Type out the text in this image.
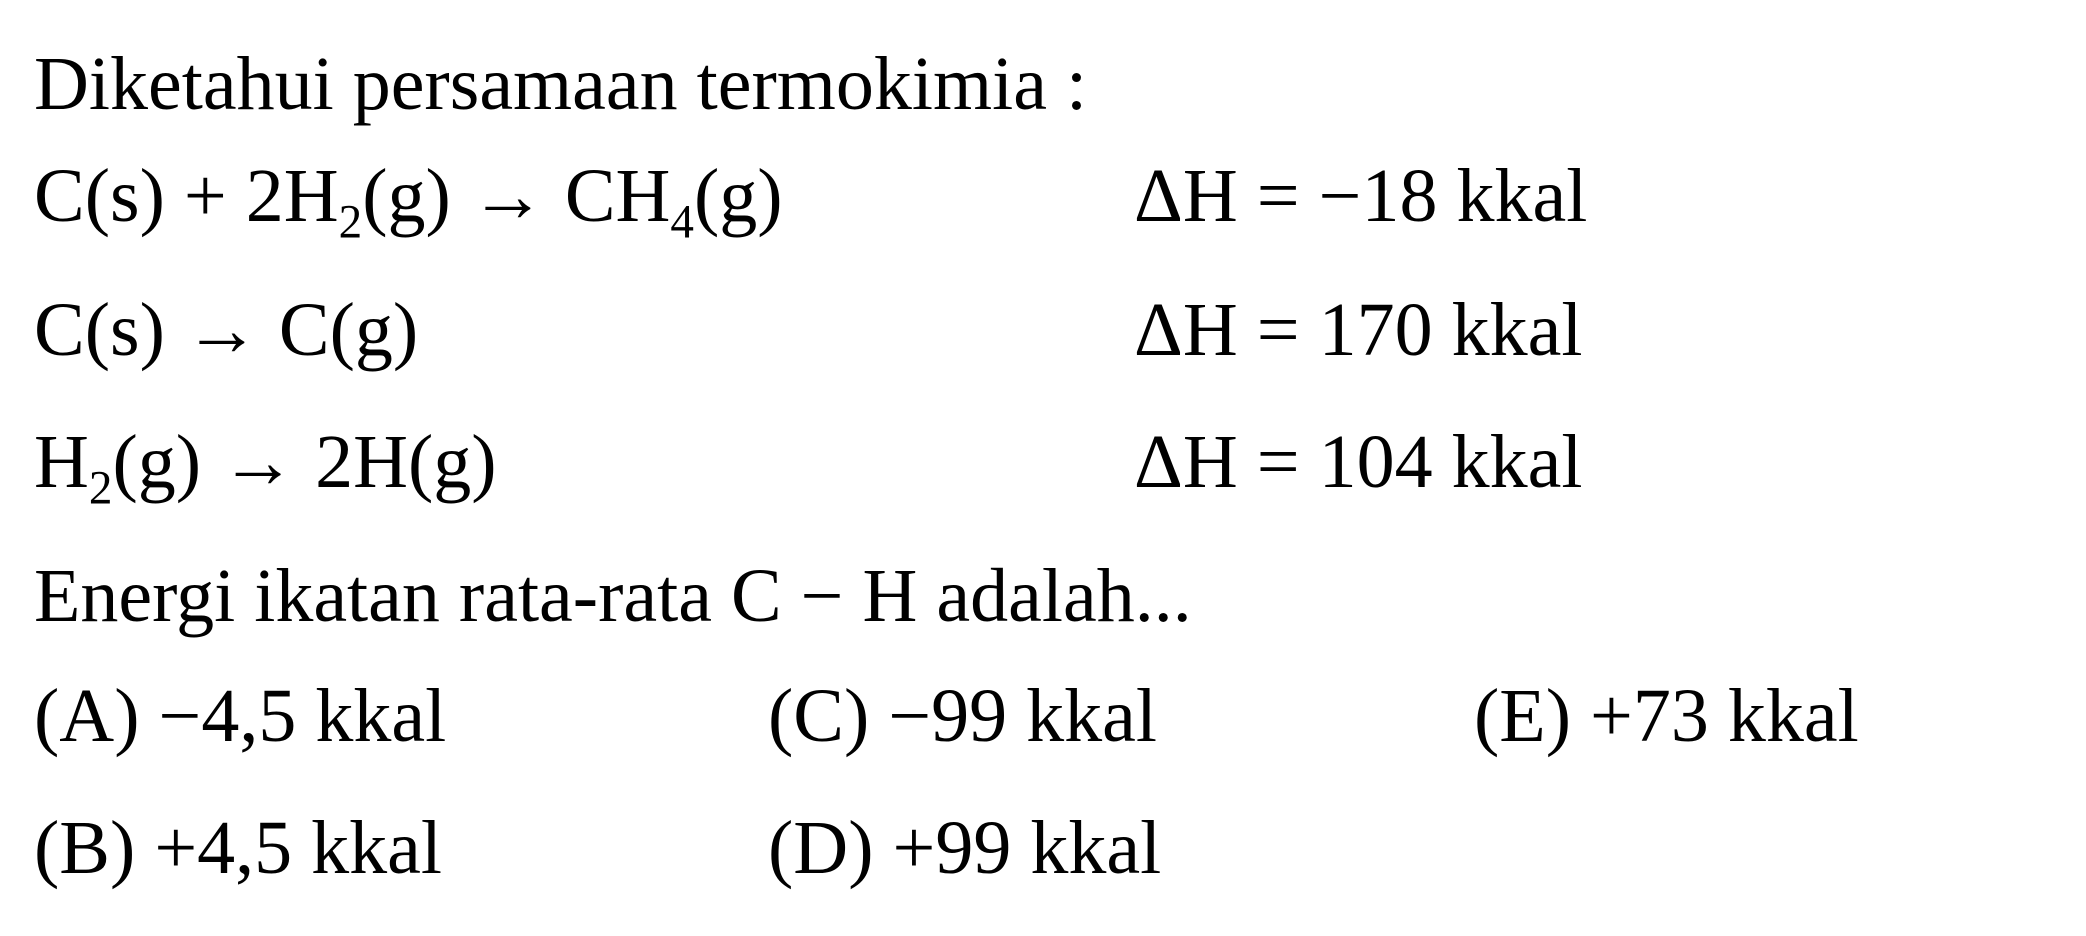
Diketahui persamaan termokimia :
$C(s) + 2H_2(g) \to CH_4(g)$	ΔH = −18 kkal
C(s) → C(g)	ΔH = 170 kkal
$H_2(g) \to 2H(g)$	ΔH = 104 kkal
Energi ikatan rata-rata C − H adalah...
(A) −4,5 kkal
(B) +4,5 kkal
(C) −99 kkal
(D) +99 kkal
(E) +73 kkal
